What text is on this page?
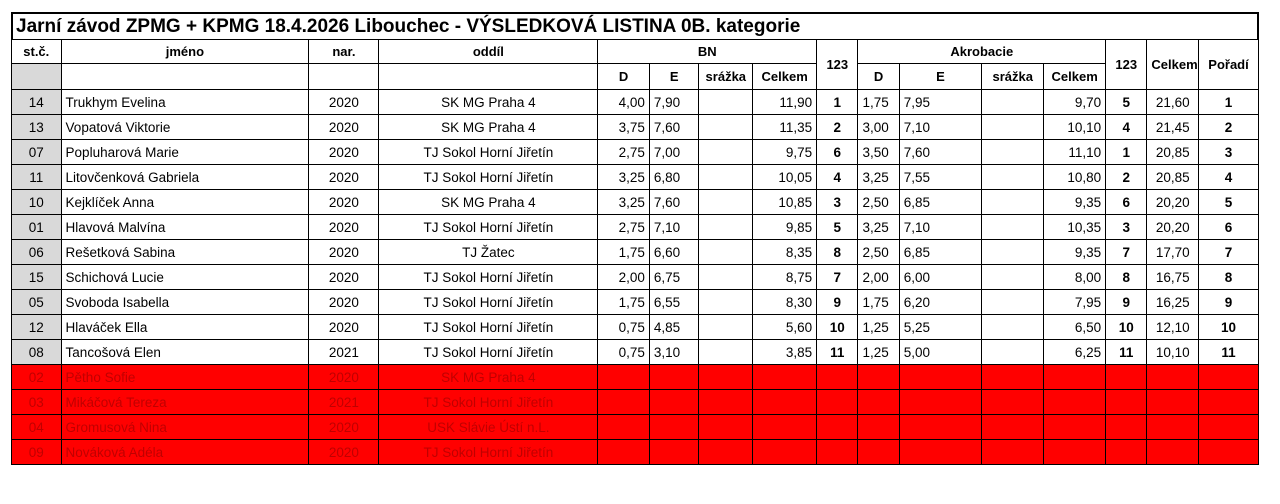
Jarní závod ZPMG + KPMG 18.4.2026 Libouchec - VÝSLEDKOVÁ LISTINA 0B. kategorie
st.č.	jméno	nar.	oddíl	BN				123	Akrobacie				123	Celkem	Pořadí
				D	E	srážka	Celkem		D	E	srážka	Celkem			
14	Trukhym Evelina	2020	SK MG Praha 4	4,00	7,90		11,90	1	1,75	7,95		9,70	5	21,60	1
13	Vopatová Viktorie	2020	SK MG Praha 4	3,75	7,60		11,35	2	3,00	7,10		10,10	4	21,45	2
07	Popluharová Marie	2020	TJ Sokol Horní Jiřetín	2,75	7,00		9,75	6	3,50	7,60		11,10	1	20,85	3
11	Litovčenková Gabriela	2020	TJ Sokol Horní Jiřetín	3,25	6,80		10,05	4	3,25	7,55		10,80	2	20,85	4
10	Kejklíček Anna	2020	SK MG Praha 4	3,25	7,60		10,85	3	2,50	6,85		9,35	6	20,20	5
01	Hlavová Malvína	2020	TJ Sokol Horní Jiřetín	2,75	7,10		9,85	5	3,25	7,10		10,35	3	20,20	6
06	Rešetková Sabina	2020	TJ Žatec	1,75	6,60		8,35	8	2,50	6,85		9,35	7	17,70	7
15	Schichová Lucie	2020	TJ Sokol Horní Jiřetín	2,00	6,75		8,75	7	2,00	6,00		8,00	8	16,75	8
05	Svoboda Isabella	2020	TJ Sokol Horní Jiřetín	1,75	6,55		8,30	9	1,75	6,20		7,95	9	16,25	9
12	Hlaváček Ella	2020	TJ Sokol Horní Jiřetín	0,75	4,85		5,60	10	1,25	5,25		6,50	10	12,10	10
08	Tancošová Elen	2021	TJ Sokol Horní Jiřetín	0,75	3,10		3,85	11	1,25	5,00		6,25	11	10,10	11
02	Pětho Sofie	2020	SK MG Praha 4												
03	Mikáčová Tereza	2021	TJ Sokol Horní Jiřetín												
04	Gromusová Nina	2020	USK Slávie Ústí n.L.												
09	Nováková Adéla	2020	TJ Sokol Horní Jiřetín												
